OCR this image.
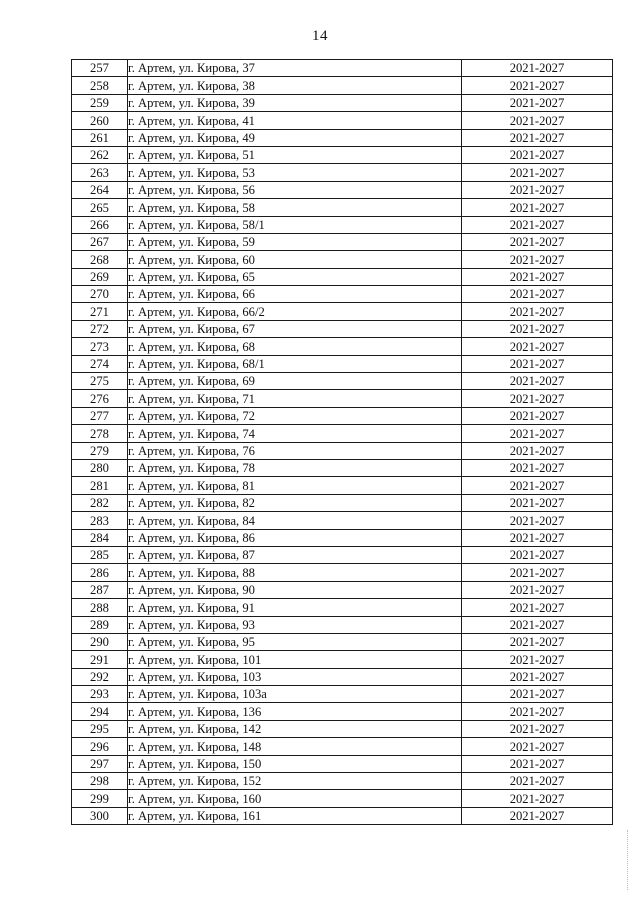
14
257	г. Артем, ул. Кирова, 37	2021-2027
258	г. Артем, ул. Кирова, 38	2021-2027
259	г. Артем, ул. Кирова, 39	2021-2027
260	г. Артем, ул. Кирова, 41	2021-2027
261	г. Артем, ул. Кирова, 49	2021-2027
262	г. Артем, ул. Кирова, 51	2021-2027
263	г. Артем, ул. Кирова, 53	2021-2027
264	г. Артем, ул. Кирова, 56	2021-2027
265	г. Артем, ул. Кирова, 58	2021-2027
266	г. Артем, ул. Кирова, 58/1	2021-2027
267	г. Артем, ул. Кирова, 59	2021-2027
268	г. Артем, ул. Кирова, 60	2021-2027
269	г. Артем, ул. Кирова, 65	2021-2027
270	г. Артем, ул. Кирова, 66	2021-2027
271	г. Артем, ул. Кирова, 66/2	2021-2027
272	г. Артем, ул. Кирова, 67	2021-2027
273	г. Артем, ул. Кирова, 68	2021-2027
274	г. Артем, ул. Кирова, 68/1	2021-2027
275	г. Артем, ул. Кирова, 69	2021-2027
276	г. Артем, ул. Кирова, 71	2021-2027
277	г. Артем, ул. Кирова, 72	2021-2027
278	г. Артем, ул. Кирова, 74	2021-2027
279	г. Артем, ул. Кирова, 76	2021-2027
280	г. Артем, ул. Кирова, 78	2021-2027
281	г. Артем, ул. Кирова, 81	2021-2027
282	г. Артем, ул. Кирова, 82	2021-2027
283	г. Артем, ул. Кирова, 84	2021-2027
284	г. Артем, ул. Кирова, 86	2021-2027
285	г. Артем, ул. Кирова, 87	2021-2027
286	г. Артем, ул. Кирова, 88	2021-2027
287	г. Артем, ул. Кирова, 90	2021-2027
288	г. Артем, ул. Кирова, 91	2021-2027
289	г. Артем, ул. Кирова, 93	2021-2027
290	г. Артем, ул. Кирова, 95	2021-2027
291	г. Артем, ул. Кирова, 101	2021-2027
292	г. Артем, ул. Кирова, 103	2021-2027
293	г. Артем, ул. Кирова, 103а	2021-2027
294	г. Артем, ул. Кирова, 136	2021-2027
295	г. Артем, ул. Кирова, 142	2021-2027
296	г. Артем, ул. Кирова, 148	2021-2027
297	г. Артем, ул. Кирова, 150	2021-2027
298	г. Артем, ул. Кирова, 152	2021-2027
299	г. Артем, ул. Кирова, 160	2021-2027
300	г. Артем, ул. Кирова, 161	2021-2027
